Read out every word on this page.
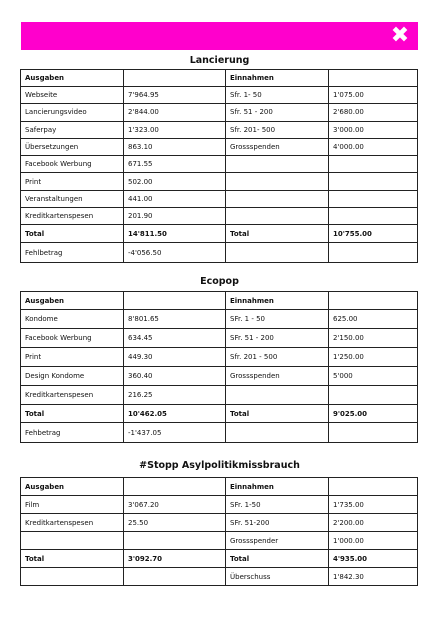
✖
Lancierung
Ausgaben		Einnahmen	
Webseite	7'964.95	Sfr. 1- 50	1'075.00
Lancierungsvideo	2'844.00	Sfr. 51 - 200	2'680.00
Saferpay	1'323.00	Sfr. 201- 500	3'000.00
Übersetzungen	863.10	Grossspenden	4'000.00
Facebook Werbung	671.55		
Print	502.00		
Veranstaltungen	441.00		
Kreditkartenspesen	201.90		
Total	14'811.50	Total	10'755.00
Fehlbetrag	-4'056.50		
Ecopop
Ausgaben		Einnahmen	
Kondome	8'801.65	SFr. 1 - 50	625.00
Facebook Werbung	634.45	SFr. 51 - 200	2'150.00
Print	449.30	Sfr. 201 - 500	1'250.00
Design Kondome	360.40	Grossspenden	5'000
Kreditkartenspesen	216.25		
Total	10'462.05	Total	9'025.00
Fehbetrag	-1'437.05		
#Stopp Asylpolitikmissbrauch
Ausgaben		Einnahmen	
Film	3'067.20	SFr. 1-50	1'735.00
Kreditkartenspesen	25.50	SFr. 51-200	2'200.00
		Grossspender	1'000.00
Total	3'092.70	Total	4'935.00
		Überschuss	1'842.30
